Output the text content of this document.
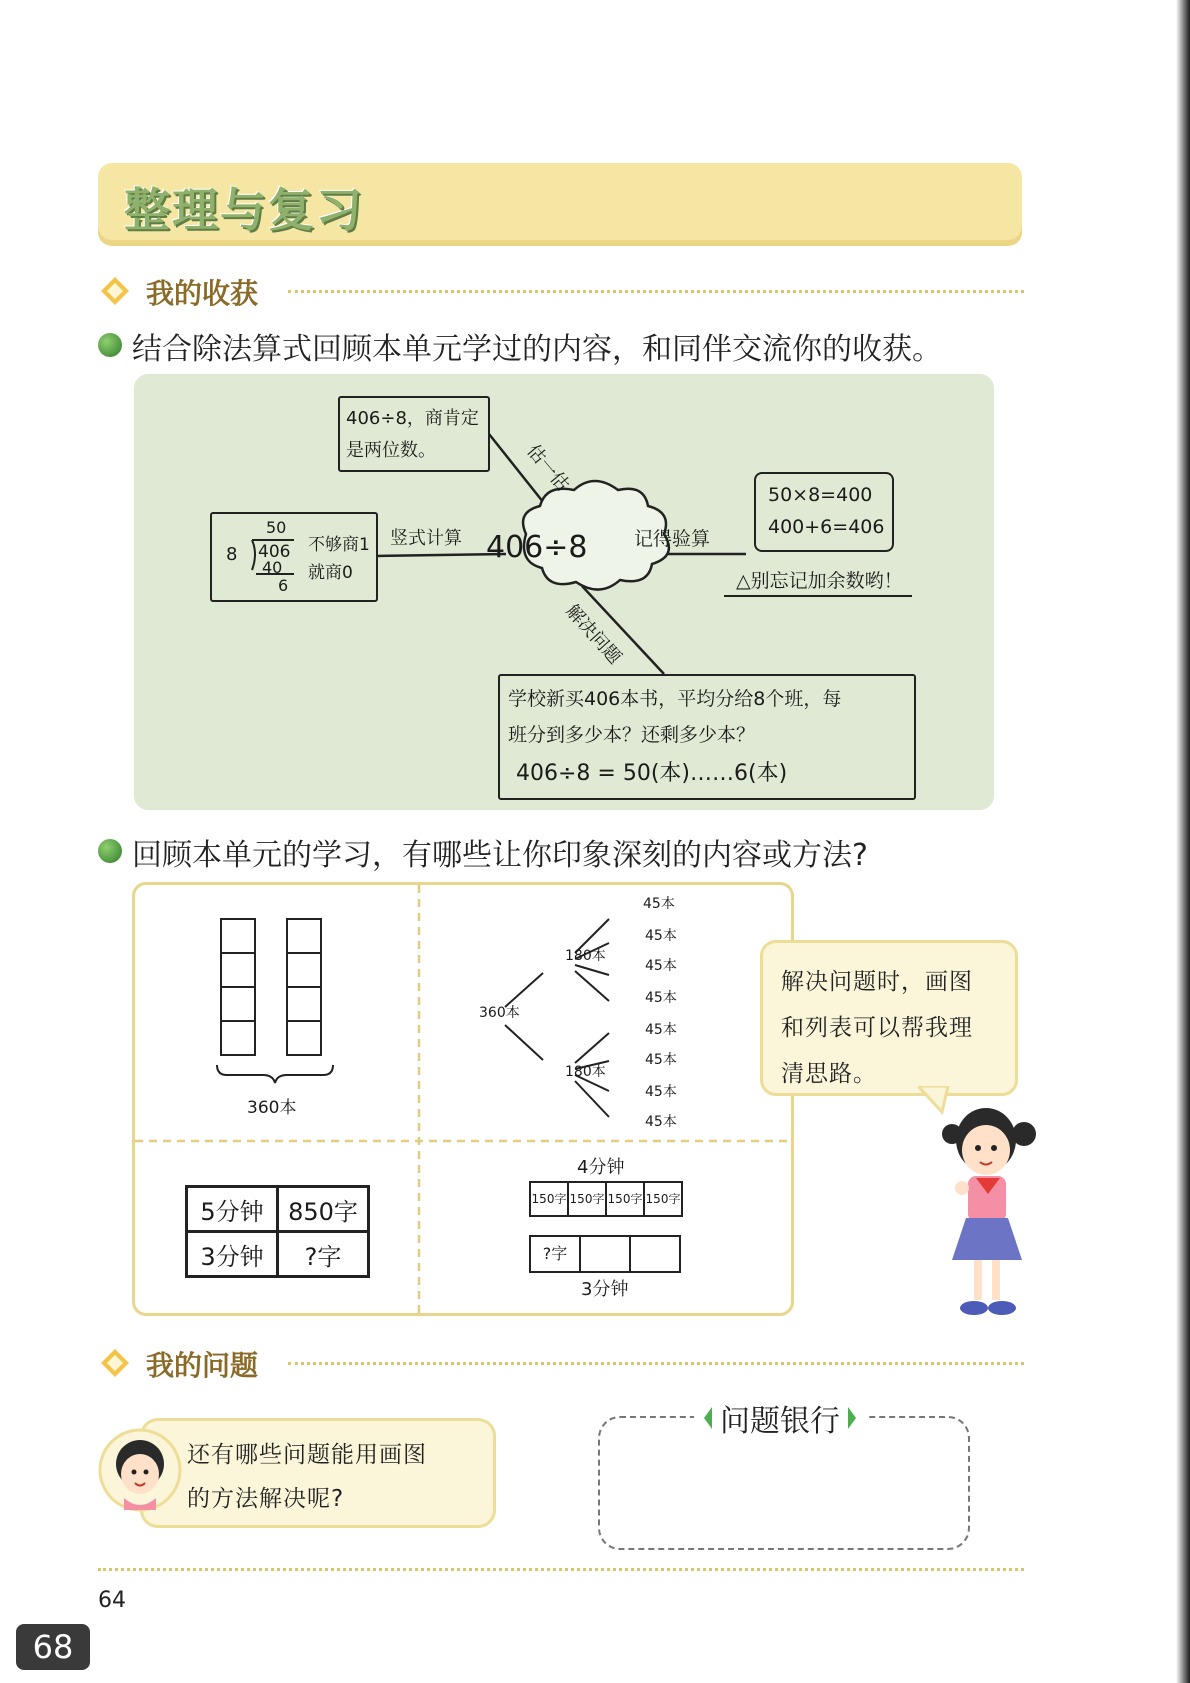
整理与复习
我的收获
结合除法算式回顾本单元学过的内容，和同伴交流你的收获。
406÷8
406÷8，商肯定
是两位数。	估一估
8
50
406
40
6
不够商1
就商0
竖式计算
50×8=400
400+6=406
记得验算
△别忘记加余数哟！
解决问题
学校新买406本书，平均分给8个班，每
班分到多少本？还剩多少本？
406÷8 = 50(本)……6(本)
回顾本单元的学习，有哪些让你印象深刻的内容或方法?
360本
360本
180本
180本
45本
45本
45本
45本
45本
45本
45本
45本
5分钟	850字
3分钟	?字
4分钟
150字 150字 150字 150字
?字
3分钟
解决问题时，画图
和列表可以帮我理
清思路。
我的问题
还有哪些问题能用画图
的方法解决呢?
问题银行
64
68
